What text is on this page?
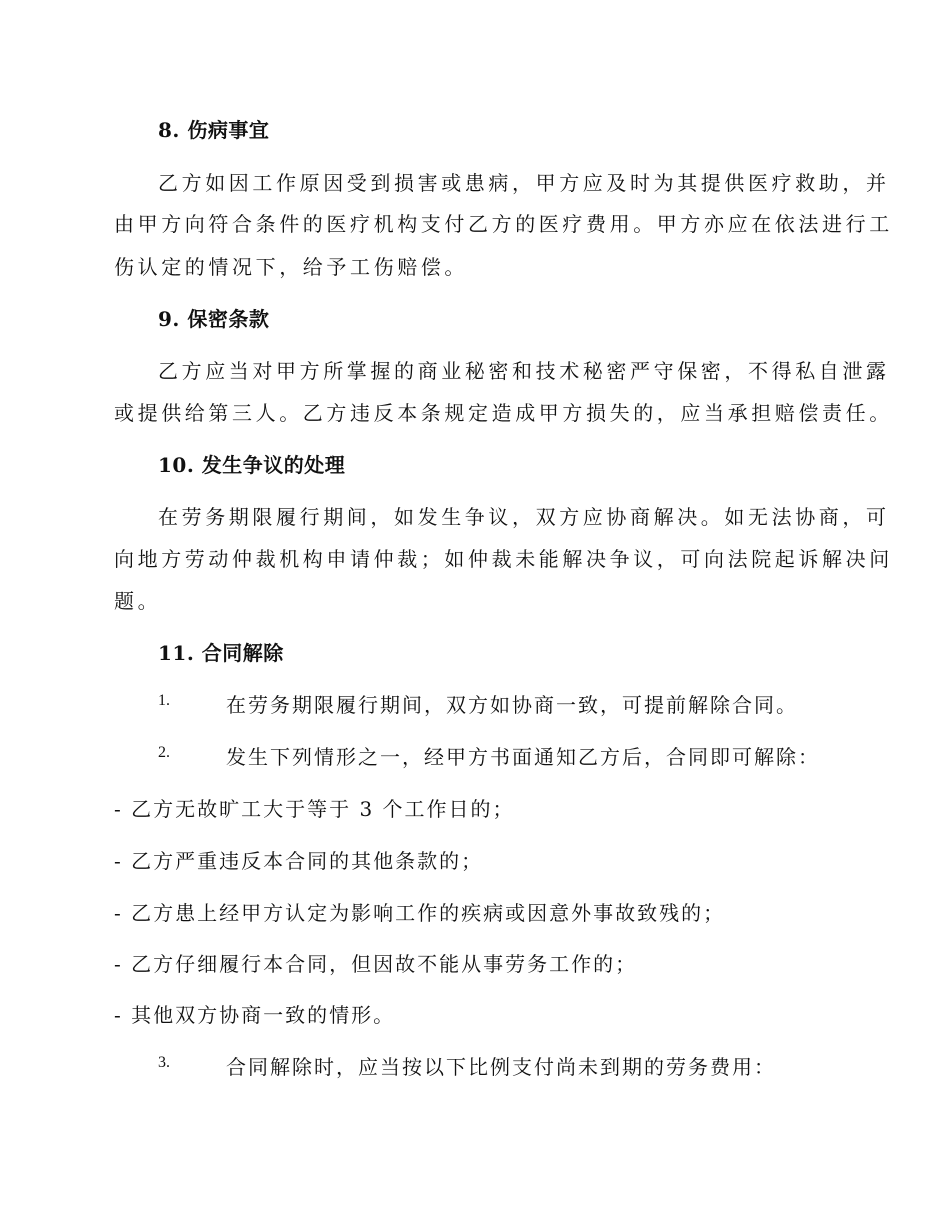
8. 伤病事宜
乙方如因工作原因受到损害或患病，甲方应及时为其提供医疗救助，并
由甲方向符合条件的医疗机构支付乙方的医疗费用。甲方亦应在依法进行工
伤认定的情况下，给予工伤赔偿。
9. 保密条款
乙方应当对甲方所掌握的商业秘密和技术秘密严守保密，不得私自泄露
或提供给第三人。乙方违反本条规定造成甲方损失的，应当承担赔偿责任。
10. 发生争议的处理
在劳务期限履行期间，如发生争议，双方应协商解决。如无法协商，可
向地方劳动仲裁机构申请仲裁；如仲裁未能解决争议，可向法院起诉解决问
题。
11. 合同解除
1.	在劳务期限履行期间，双方如协商一致，可提前解除合同。
2.	发生下列情形之一，经甲方书面通知乙方后，合同即可解除：
- 乙方无故旷工大于等于 3 个工作日的；
- 乙方严重违反本合同的其他条款的；
- 乙方患上经甲方认定为影响工作的疾病或因意外事故致残的；
- 乙方仔细履行本合同，但因故不能从事劳务工作的；
- 其他双方协商一致的情形。
3.	合同解除时，应当按以下比例支付尚未到期的劳务费用：
